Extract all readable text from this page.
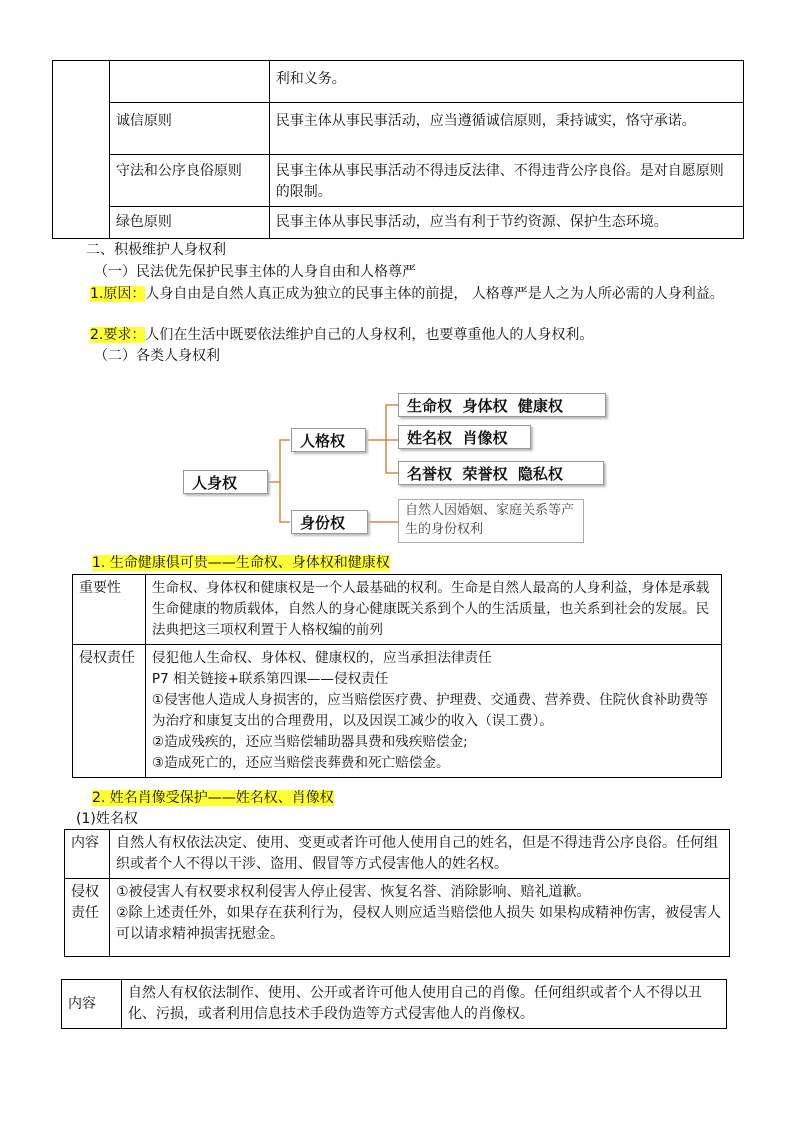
		利和义务。
	诚信原则	民事主体从事民事活动，应当遵循诚信原则，秉持诚实，恪守承诺。
	守法和公序良俗原则	民事主体从事民事活动不得违反法律、不得违背公序良俗。是对自愿原则的限制。
	绿色原则	民事主体从事民事活动，应当有利于节约资源、保护生态环境。
二、积极维护人身权利
（一）民法优先保护民事主体的人身自由和人格尊严
1.原因：人身自由是自然人真正成为独立的民事主体的前提， 人格尊严是人之为人所必需的人身利益。
2.要求：人们在生活中既要依法维护自己的人身权利，也要尊重他人的人身权利。
（二）各类人身权利
人身权
人格权
身份权
生命权  身体权  健康权
姓名权  肖像权
名誉权  荣誉权  隐私权
自然人因婚姻、家庭关系等产生的身份权利
1. 生命健康俱可贵——生命权、身体权和健康权
重要性	生命权、身体权和健康权是一个人最基础的权利。生命是自然人最高的人身利益，身体是承载生命健康的物质载体，自然人的身心健康既关系到个人的生活质量，也关系到社会的发展。民法典把这三项权利置于人格权编的前列
侵权责任	侵犯他人生命权、身体权、健康权的，应当承担法律责任
P7 相关链接+联系第四课——侵权责任
①侵害他人造成人身损害的，应当赔偿医疗费、护理费、交通费、营养费、住院伙食补助费等为治疗和康复支出的合理费用，以及因误工减少的收入（误工费）。
②造成残疾的，还应当赔偿辅助器具费和残疾赔偿金;
③造成死亡的，还应当赔偿丧葬费和死亡赔偿金。
2. 姓名肖像受保护——姓名权、肖像权
(1)姓名权
内容	自然人有权依法决定、使用、变更或者许可他人使用自己的姓名，但是不得违背公序良俗。任何组织或者个人不得以干涉、盗用、假冒等方式侵害他人的姓名权。
侵权责任	①被侵害人有权要求权利侵害人停止侵害、恢复名誉、消除影响、赔礼道歉。
②除上述责任外，如果存在获利行为，侵权人则应适当赔偿他人损失 如果构成精神伤害，被侵害人可以请求精神损害抚慰金。
内容	自然人有权依法制作、使用、公开或者许可他人使用自己的肖像。任何组织或者个人不得以丑化、污损，或者利用信息技术手段伪造等方式侵害他人的肖像权。
